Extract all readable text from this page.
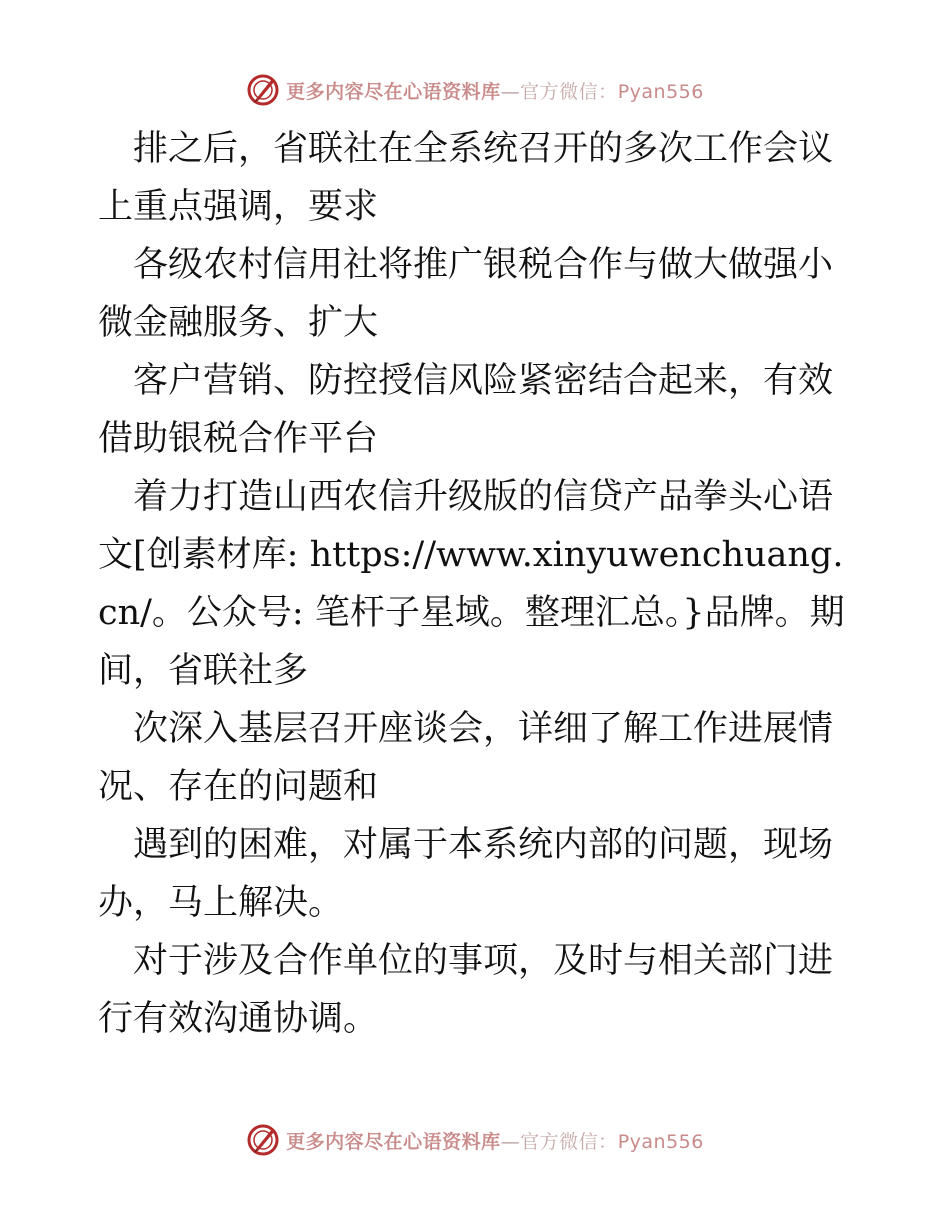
更多内容尽在心语资料库—官方微信：Pyan556

排之后，省联社在全系统召开的多次工作会议上重点强调，要求

各级农村信用社将推广银税合作与做大做强小微金融服务、扩大

客户营销、防控授信风险紧密结合起来，有效借助银税合作平台

着力打造山西农信升级版的信贷产品拳头心语文[创素材库: https://www.xinyuwenchuang.cn/。公众号: 笔杆子星域。整理汇总。}品牌。期间，省联社多

次深入基层召开座谈会，详细了解工作进展情况、存在的问题和

遇到的困难，对属于本系统内部的问题，现场办，马上解决。

对于涉及合作单位的事项，及时与相关部门进行有效沟通协调。

更多内容尽在心语资料库—官方微信：Pyan556
